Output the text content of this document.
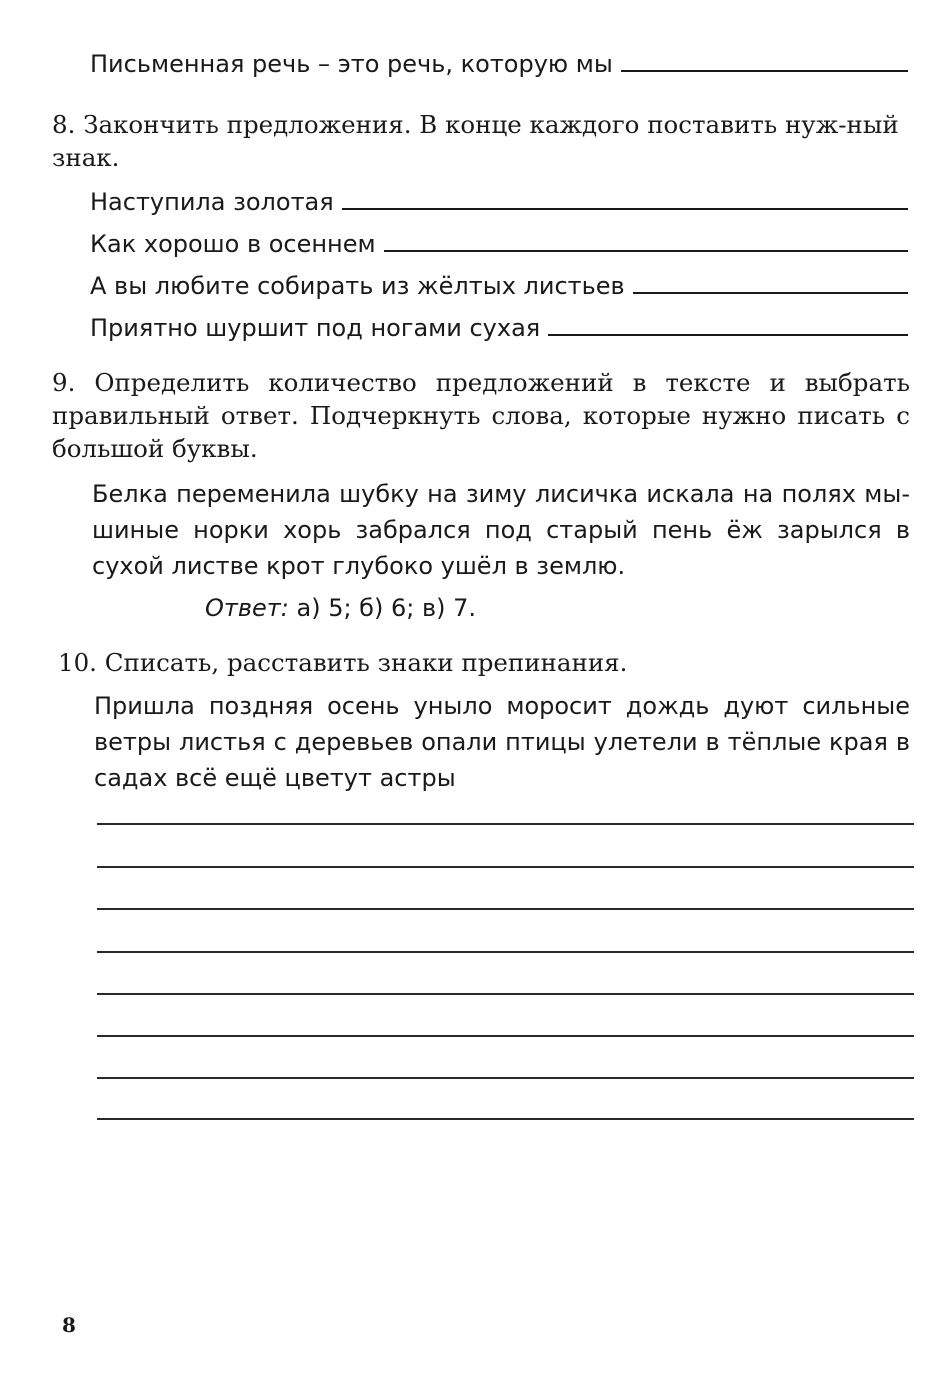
Письменная речь – это речь, которую мы
8. Закончить предложения. В конце каждого поставить нуж-ный знак.
Наступила золотая
Как хорошо в осеннем
А вы любите собирать из жёлтых листьев
Приятно шуршит под ногами сухая
9. Определить количество предложений в тексте и выбрать правильный ответ. Подчеркнуть слова, которые нужно писать с большой буквы.
Белка переменила шубку на зиму лисичка искала на полях мы-шиные норки хорь забрался под старый пень ёж зарылся в сухой листве крот глубоко ушёл в землю.
Ответ: а) 5; б) 6; в) 7.
10. Списать, расставить знаки препинания.
Пришла поздняя осень уныло моросит дождь дуют сильные ветры листья с деревьев опали птицы улетели в тёплые края в садах всё ещё цветут астры
8
